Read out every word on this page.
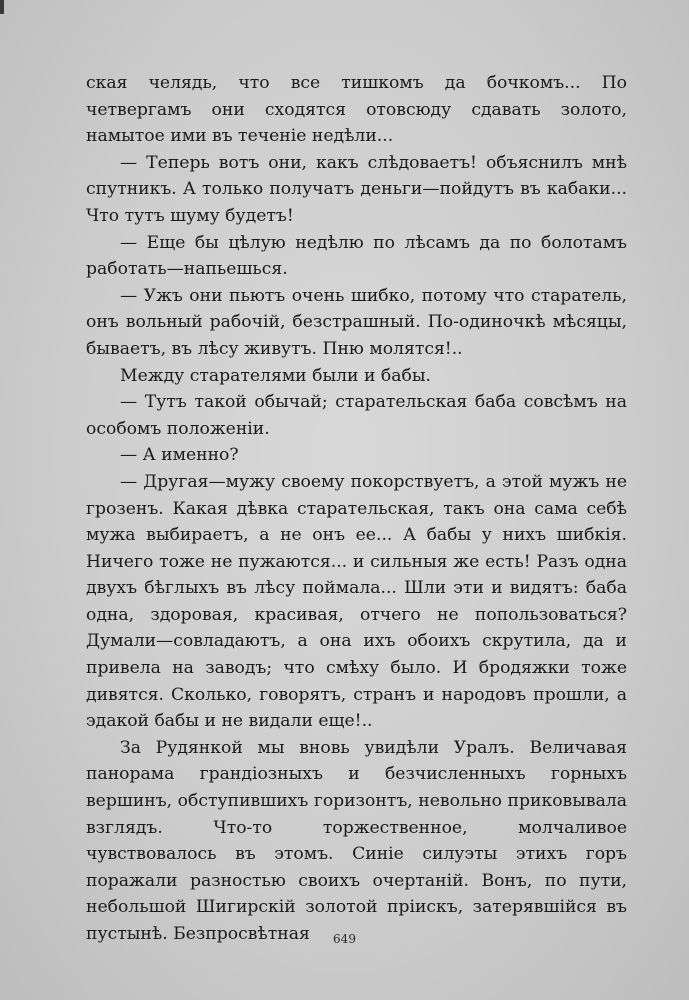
ская челядь, что все тишкомъ да бочкомъ... По четвергамъ они сходятся отовсюду сдавать золото, намытое ими въ теченіе недѣли...

— Теперь вотъ они, какъ слѣдоваетъ! объяснилъ мнѣ спутникъ. А только получатъ деньги—пойдутъ въ кабаки... Что тутъ шуму будетъ!

— Еще бы цѣлую недѣлю по лѣсамъ да по болотамъ работать—напьешься.

— Ужъ они пьютъ очень шибко, потому что старатель, онъ вольный рабочій, безстрашный. По-одиночкѣ мѣсяцы, бываетъ, въ лѣсу живутъ. Пню молятся!..

Между старателями были и бабы.

— Тутъ такой обычай; старательская баба совсѣмъ на особомъ положеніи.

— А именно?

— Другая—мужу своему покорствуетъ, а этой мужъ не грозенъ. Какая дѣвка старательская, такъ она сама себѣ мужа выбираетъ, а не онъ ее... А бабы у нихъ шибкія. Ничего тоже не пужаются... и сильныя же есть! Разъ одна двухъ бѣглыхъ въ лѣсу поймала... Шли эти и видятъ: баба одна, здоровая, красивая, отчего не попользоваться? Думали—совладаютъ, а она ихъ обоихъ скрутила, да и привела на заводъ; что смѣху было. И бродяжки тоже дивятся. Сколько, говорятъ, странъ и народовъ прошли, а эдакой бабы и не видали еще!..

За Рудянкой мы вновь увидѣли Уралъ. Величавая панорама грандіозныхъ и безчисленныхъ горныхъ вершинъ, обступившихъ горизонтъ, невольно приковывала взглядъ. Что-то торжественное, молчаливое чувствовалось въ этомъ. Синіе силуэты этихъ горъ поражали разностью своихъ очертаній. Вонъ, по пути, небольшой Шигирскій золотой пріискъ, затерявшійся въ пустынѣ. Безпросвѣтная	649
